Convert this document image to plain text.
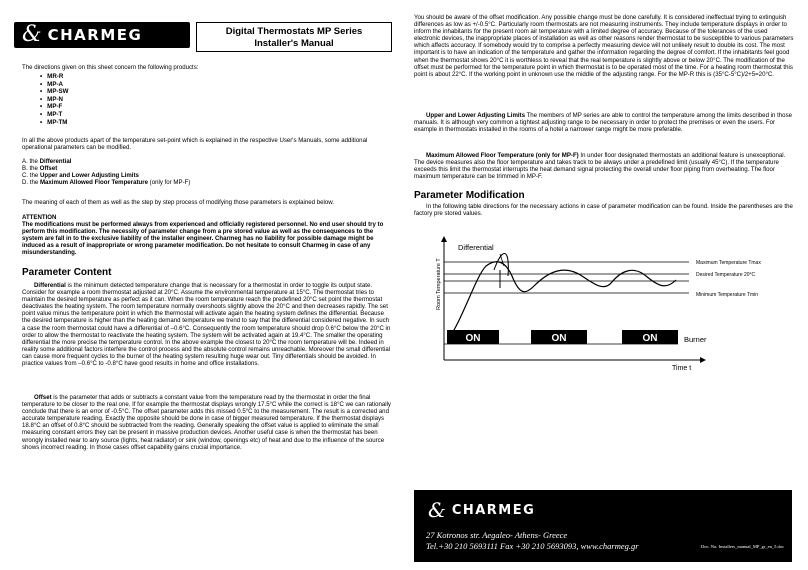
& CHARMEG	Digital Thermostats MP Series
Installer's Manual

The directions given on this sheet concern the following products:

• MR-R
• MP-A
• MP-SW
• MP-N
• MP-F
• MP-T
• MP-TM

In all the above products apart of the temperature set-point which is explained in the respective User's Manuals, some additional operational parameters can be modified.

A. the Differential
B. the Offset
C. the Upper and Lower Adjusting Limits
D. the Maximum Allowed Floor Temperature (only for MP-F)

The meaning of each of them as well as the step by step process of modifying those parameters is explained below.

ATTENTION
The modifications must be performed always from experienced and officially registered personnel. No end user should try to perform this modification. The necessity of parameter change from a pre stored value as well as the consequences to the system are fall in to the exclusive liability of the installer engineer. Charmeg has no liability for possible damage might be induced as a result of inappropriate or wrong parameter modification. Do not hesitate to consult Charmeg in case of any misunderstanding.
Parameter Content

Differential is the minimum detected temperature change that is necessary for a thermostat in order to toggle its output state. Consider for example a room thermostat adjusted at 20°C. Assume the environmental temperature at 15°C. The thermostat tries to maintain the desired temperature as perfect as it can. When the room temperature reach the predefined 20°C set point the thermostat deactivates the heating system. The room temperature normally overshoots slightly above the 20°C and then decreases rapidly. The set point value minus the temperature point in which the thermostat will activate again the heating system defines the differential. Because the desired temperature is higher than the heating demand temperature we trend to say that the differential considered negative. In such a case the room thermostat could have a differential of –0.6°C. Consequently the room temperature should drop 0.6°C below the 20°C in order to allow the thermostat to reactivate the heating system. The system will be activated again at 19.4°C. The smaller the operating differential the more precise the temperature control. In the above example the closest to 20°C the room temperature will be. Indeed in reality some additional factors interfere the control process and the absolute control remains unreachable. Moreover the small differential can cause more frequent cycles to the burner of the heating system resulting huge wear out. Tiny differentials should be avoided. In practice values from –0.6°C to -0.8°C have good results in home and office installations.

Offset is the parameter that adds or subtracts a constant value from the temperature read by the thermostat in order the final temperature to be closer to the real one. If for example the thermostat displays wrongly 17.5°C while the correct is 18°C we can rationally conclude that there is an error of -0.5°C. The offset parameter adds this missed 0.5°C to the measurement. The result is a corrected and accurate temperature reading. Exactly the opposite should be done in case of bigger measured temperature. If the thermostat displays 18.8°C an offset of 0.8°C should be subtracted from the reading. Generally speaking the offset value is applied to eliminate the small measuring constant errors they can be present in massive production devices. Another useful case is when the thermostat has been wrongly installed near to any source (lights, heat radiator) or sink (window, openings etc) of heat and due to the influence of the source shows incorrect reading. In those cases offset capability gains crucial importance.

You should be aware of the offset modification. Any possible change must be done carefully. It is considered ineffectual trying to extinguish differences as low as +/-0.5°C. Particularly room thermostats are not measuring instruments. They include temperature displays in order to inform the inhabitants for the present room air temperature with a limited degree of accuracy. Because of the tolerances of the used electronic devices, the inappropriate places of installation as well as other reasons render thermostat to be susceptible to various parameters which affects accuracy. If somebody would try to comprise a perfectly measuring device will not unlikely result to double its cost. The most important is to have an indication of the temperature and gather the information regarding the degree of comfort. If the inhabitants feel good when the thermostat shows 20°C it is worthless to reveal that the real temperature is slightly above or below 20°C. The modification of the offset must be performed for the temperature point in which thermostat is to be operated most of the time. For a heating room thermostat this point is about 22°C. If the working point in unknown use the middle of the adjusting range. For the MP-R this is (35°C-5°C)/2+5=20°C.

Upper and Lower Adjusting Limits The members of MP series are able to control the temperature among the limits described in those manuals. It is although very common a tightest adjusting range to be necessary in order to protect the premises or even the users. For example in thermostats installed in the rooms of a hotel a narrower range might be more preferable.

Maximum Allowed Floor Temperature (only for MP-F) In under floor designated thermostats an additional feature is unexceptional. The device measures also the floor temperature and takes track to be always under a predefined limit (usually 45°C). If the temperature exceeds this limit the thermostat interrupts the heat demand signal protecting the overall under floor piping from overheating. The floor maximum temperature can be trimmed in MP-F.

Parameter Modification

In the following table directions for the necessary actions in case of parameter modification can be found. Inside the parentheses are the factory pre stored values.

ON	ON	ON
Differential
Maximum Temperature Tmax
Desired Temperature 20°C
Minimum Temperature Tmin
Burner
Time t
Room Temperature T
& CHARMEG
27 Kotronos str. Aegaleo- Athens- Greece
Tel.+30 210 5693111 Fax +30 210 5693093, www.charmeg.gr	Doc. No: Installers_manual_MP_gr_en_5.doc
